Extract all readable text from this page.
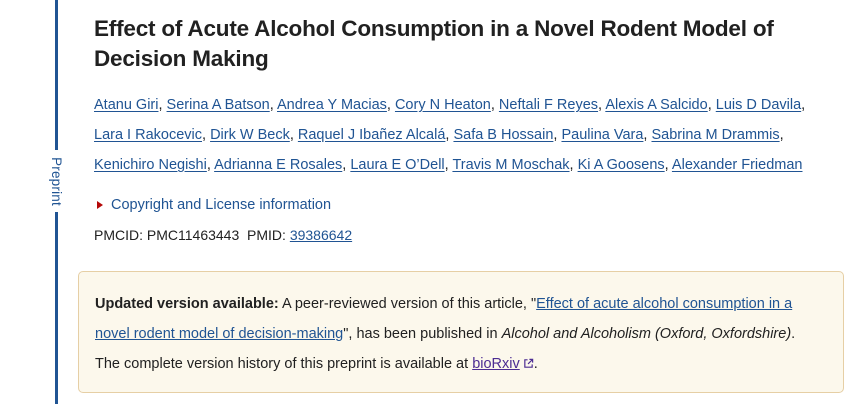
Preprint
Effect of Acute Alcohol Consumption in a Novel Rodent Model of Decision Making
Atanu Giri, Serina A Batson, Andrea Y Macias, Cory N Heaton, Neftali F Reyes, Alexis A Salcido, Luis D Davila, Lara I Rakocevic, Dirk W Beck, Raquel J Ibañez Alcalá, Safa B Hossain, Paulina Vara, Sabrina M Drammis, Kenichiro Negishi, Adrianna E Rosales, Laura E O’Dell, Travis M Moschak, Ki A Goosens, Alexander Friedman
Copyright and License information
PMCID: PMC11463443 PMID: 39386642
Updated version available: A peer-reviewed version of this article, "Effect of acute alcohol consumption in a novel rodent model of decision-making", has been published in Alcohol and Alcoholism (Oxford, Oxfordshire).
The complete version history of this preprint is available at bioRxiv .
